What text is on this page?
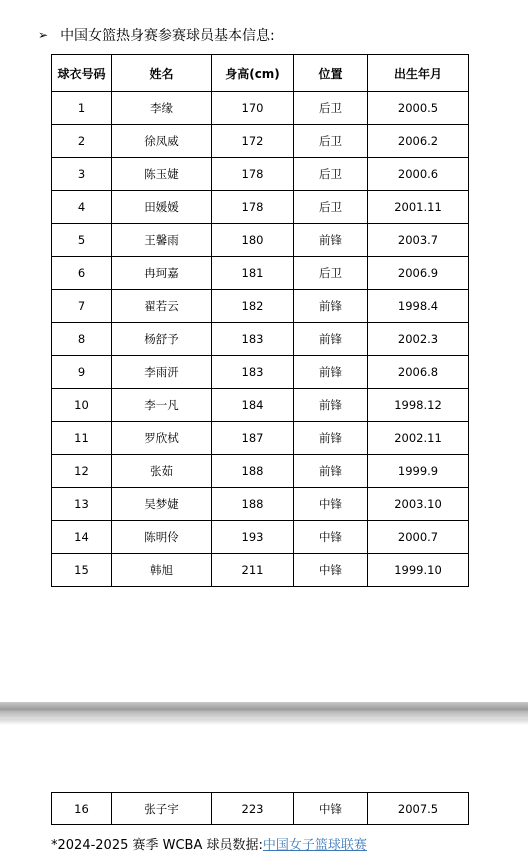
➢ 中国女篮热身赛参赛球员基本信息:
球衣号码	姓名	身高(cm)	位置	出生年月
1	李缘	170	后卫	2000.5
2	徐凤威	172	后卫	2006.2
3	陈玉婕	178	后卫	2000.6
4	田媛媛	178	后卫	2001.11
5	王馨雨	180	前锋	2003.7
6	冉珂嘉	181	后卫	2006.9
7	翟若云	182	前锋	1998.4
8	杨舒予	183	前锋	2002.3
9	李雨汧	183	前锋	2006.8
10	李一凡	184	前锋	1998.12
11	罗欣栻	187	前锋	2002.11
12	张茹	188	前锋	1999.9
13	吴梦婕	188	中锋	2003.10
14	陈明伶	193	中锋	2000.7
15	韩旭	211	中锋	1999.10
16	张子宇	223	中锋	2007.5
*2024-2025 赛季 WCBA 球员数据:中国女子篮球联赛
